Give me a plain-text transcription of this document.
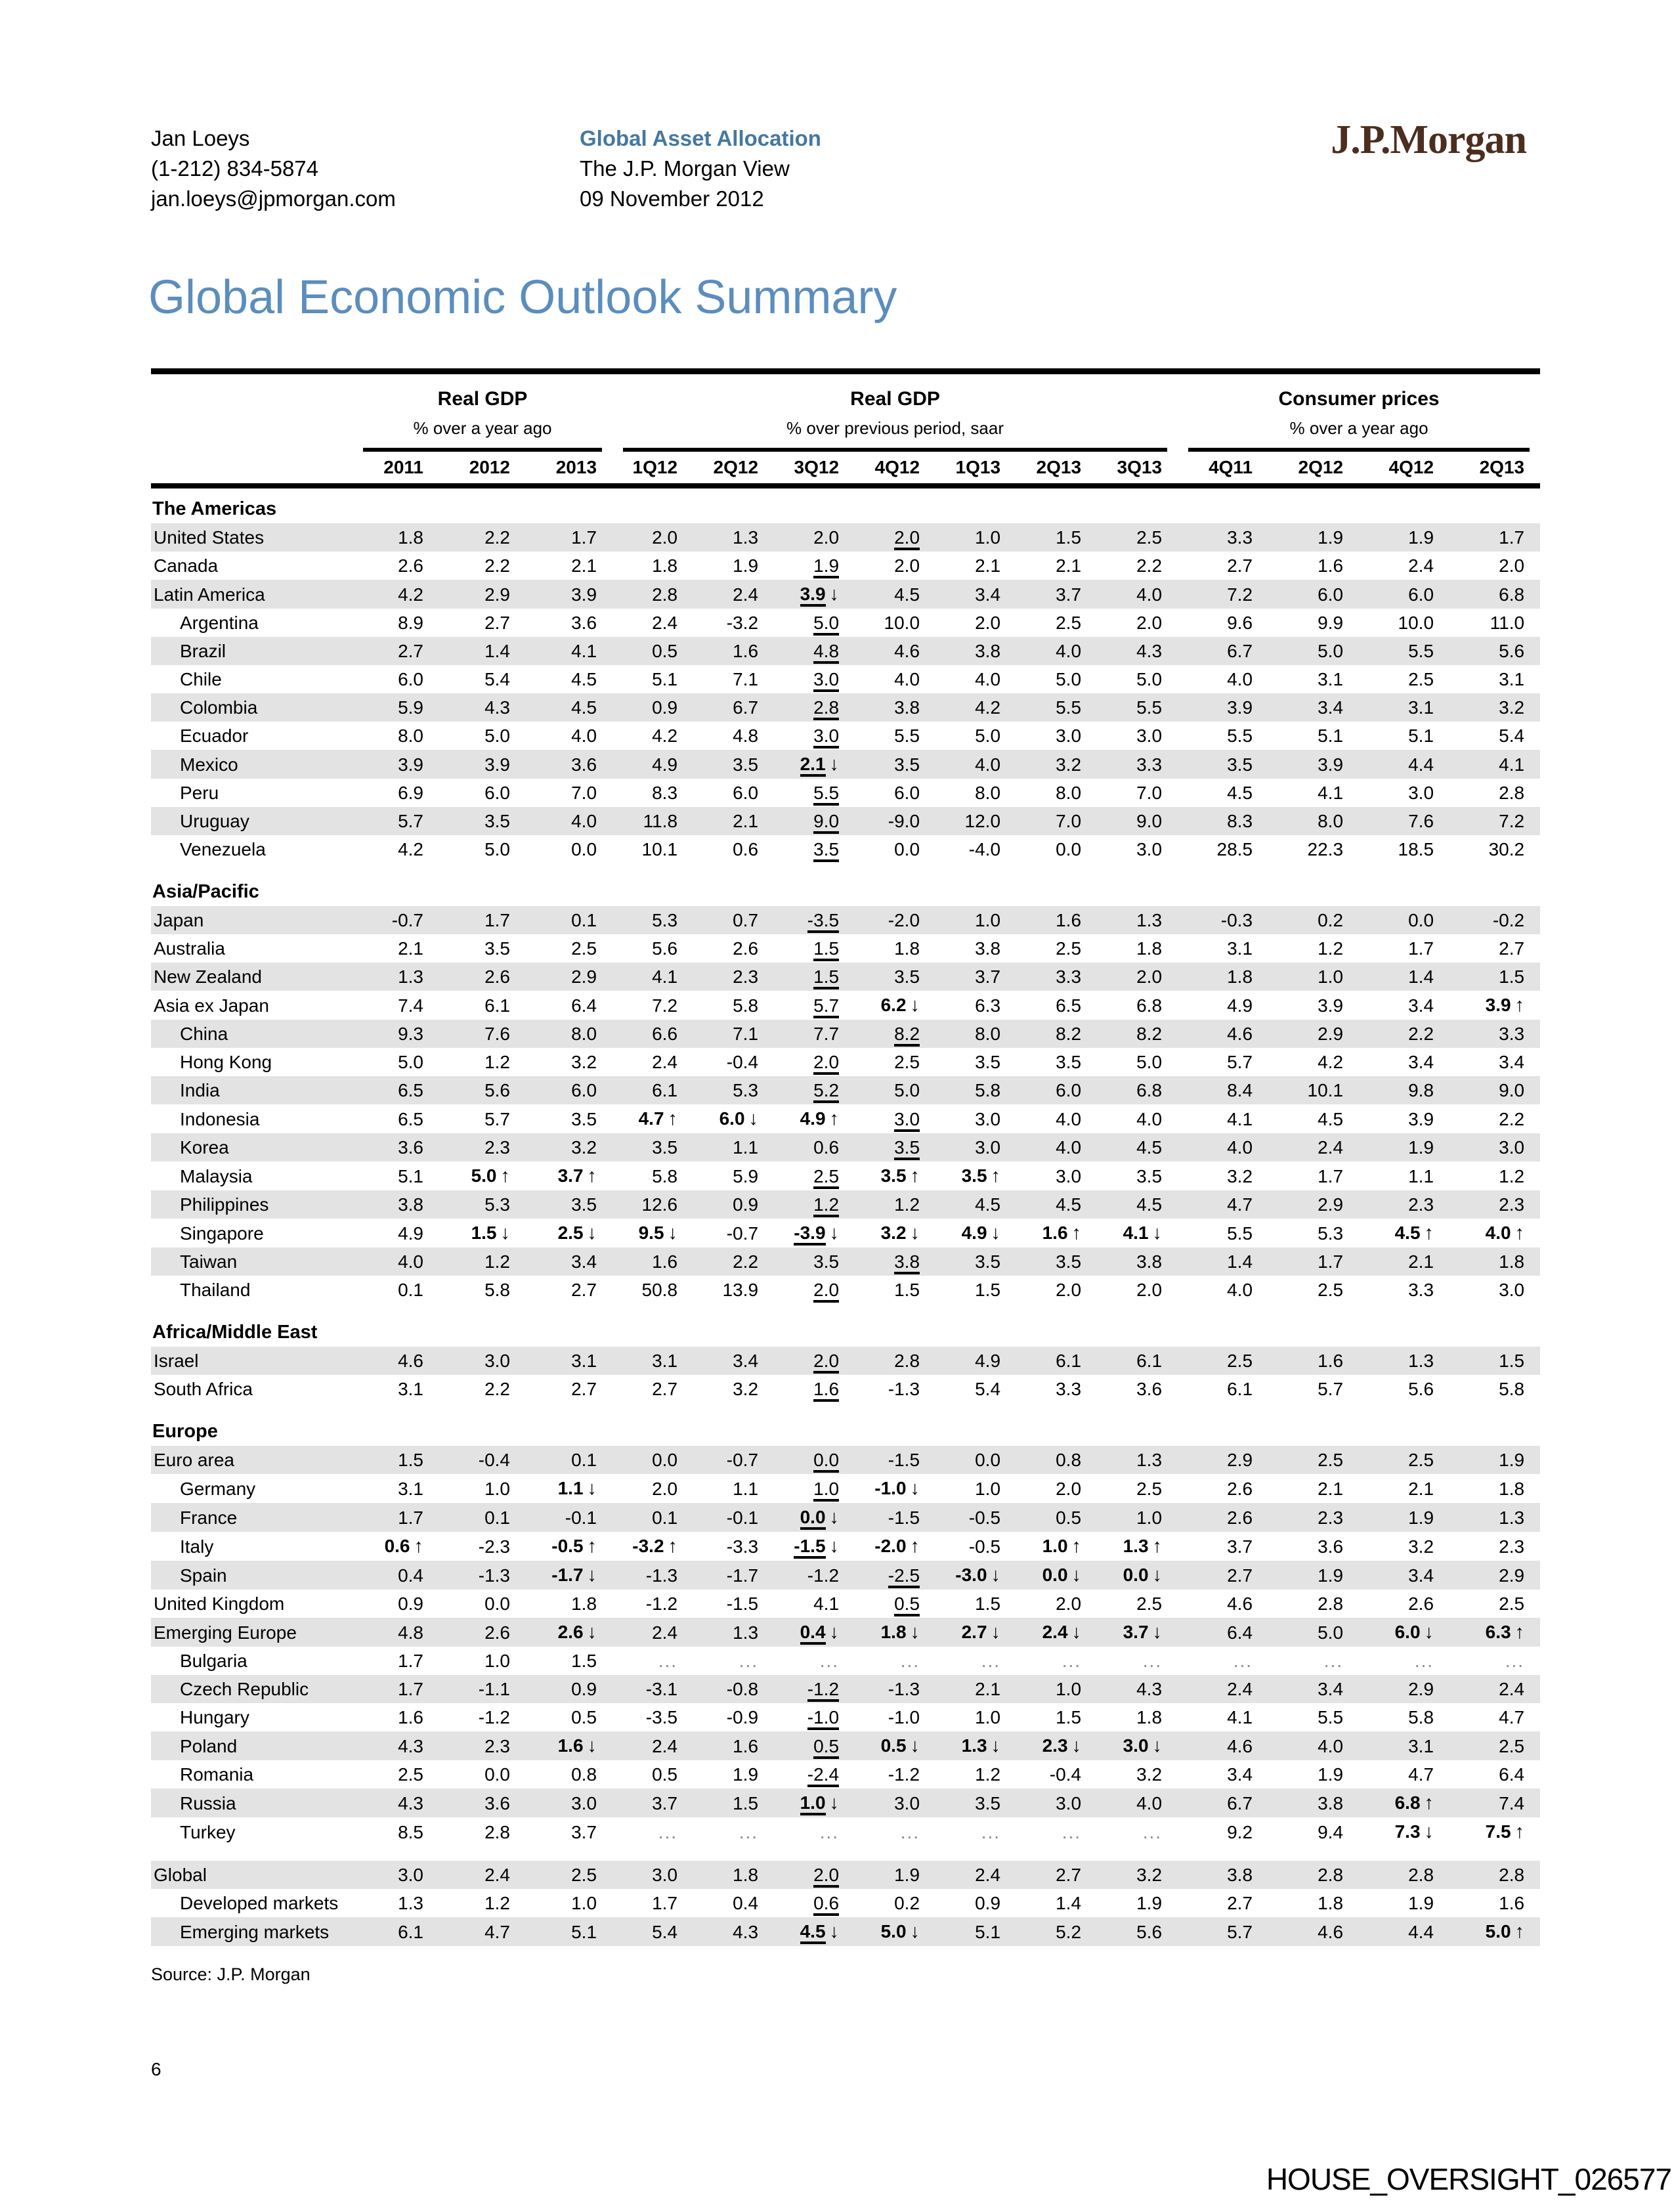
Jan Loeys
(1-212) 834-5874
jan.loeys@jpmorgan.com
Global Asset Allocation
The J.P. Morgan View
09 November 2012
J.P.Morgan
Global Economic Outlook Summary
	Real GDP			Real GDP							Consumer prices			

	% over a year ago			% over previous period, saar							% over a year ago			

	2011	2012	2013	1Q12	2Q12	3Q12	4Q12	1Q13	2Q13	3Q13	4Q11	2Q12	4Q12	2Q13
The Americas														
United States	1.8	2.2	1.7	2.0	1.3	2.0	2.0	1.0	1.5	2.5	3.3	1.9	1.9	1.7
Canada	2.6	2.2	2.1	1.8	1.9	1.9	2.0	2.1	2.1	2.2	2.7	1.6	2.4	2.0
Latin America	4.2	2.9	3.9	2.8	2.4	3.9 ↓	4.5	3.4	3.7	4.0	7.2	6.0	6.0	6.8
Argentina	8.9	2.7	3.6	2.4	-3.2	5.0	10.0	2.0	2.5	2.0	9.6	9.9	10.0	11.0
Brazil	2.7	1.4	4.1	0.5	1.6	4.8	4.6	3.8	4.0	4.3	6.7	5.0	5.5	5.6
Chile	6.0	5.4	4.5	5.1	7.1	3.0	4.0	4.0	5.0	5.0	4.0	3.1	2.5	3.1
Colombia	5.9	4.3	4.5	0.9	6.7	2.8	3.8	4.2	5.5	5.5	3.9	3.4	3.1	3.2
Ecuador	8.0	5.0	4.0	4.2	4.8	3.0	5.5	5.0	3.0	3.0	5.5	5.1	5.1	5.4
Mexico	3.9	3.9	3.6	4.9	3.5	2.1 ↓	3.5	4.0	3.2	3.3	3.5	3.9	4.4	4.1
Peru	6.9	6.0	7.0	8.3	6.0	5.5	6.0	8.0	8.0	7.0	4.5	4.1	3.0	2.8
Uruguay	5.7	3.5	4.0	11.8	2.1	9.0	-9.0	12.0	7.0	9.0	8.3	8.0	7.6	7.2
Venezuela	4.2	5.0	0.0	10.1	0.6	3.5	0.0	-4.0	0.0	3.0	28.5	22.3	18.5	30.2
Asia/Pacific														
Japan	-0.7	1.7	0.1	5.3	0.7	-3.5	-2.0	1.0	1.6	1.3	-0.3	0.2	0.0	-0.2
Australia	2.1	3.5	2.5	5.6	2.6	1.5	1.8	3.8	2.5	1.8	3.1	1.2	1.7	2.7
New Zealand	1.3	2.6	2.9	4.1	2.3	1.5	3.5	3.7	3.3	2.0	1.8	1.0	1.4	1.5
Asia ex Japan	7.4	6.1	6.4	7.2	5.8	5.7	6.2 ↓	6.3	6.5	6.8	4.9	3.9	3.4	3.9 ↑
China	9.3	7.6	8.0	6.6	7.1	7.7	8.2	8.0	8.2	8.2	4.6	2.9	2.2	3.3
Hong Kong	5.0	1.2	3.2	2.4	-0.4	2.0	2.5	3.5	3.5	5.0	5.7	4.2	3.4	3.4
India	6.5	5.6	6.0	6.1	5.3	5.2	5.0	5.8	6.0	6.8	8.4	10.1	9.8	9.0
Indonesia	6.5	5.7	3.5	4.7 ↑	6.0 ↓	4.9 ↑	3.0	3.0	4.0	4.0	4.1	4.5	3.9	2.2
Korea	3.6	2.3	3.2	3.5	1.1	0.6	3.5	3.0	4.0	4.5	4.0	2.4	1.9	3.0
Malaysia	5.1	5.0 ↑	3.7 ↑	5.8	5.9	2.5	3.5 ↑	3.5 ↑	3.0	3.5	3.2	1.7	1.1	1.2
Philippines	3.8	5.3	3.5	12.6	0.9	1.2	1.2	4.5	4.5	4.5	4.7	2.9	2.3	2.3
Singapore	4.9	1.5 ↓	2.5 ↓	9.5 ↓	-0.7	-3.9 ↓	3.2 ↓	4.9 ↓	1.6 ↑	4.1 ↓	5.5	5.3	4.5 ↑	4.0 ↑
Taiwan	4.0	1.2	3.4	1.6	2.2	3.5	3.8	3.5	3.5	3.8	1.4	1.7	2.1	1.8
Thailand	0.1	5.8	2.7	50.8	13.9	2.0	1.5	1.5	2.0	2.0	4.0	2.5	3.3	3.0
Africa/Middle East														
Israel	4.6	3.0	3.1	3.1	3.4	2.0	2.8	4.9	6.1	6.1	2.5	1.6	1.3	1.5
South Africa	3.1	2.2	2.7	2.7	3.2	1.6	-1.3	5.4	3.3	3.6	6.1	5.7	5.6	5.8
Europe														
Euro area	1.5	-0.4	0.1	0.0	-0.7	0.0	-1.5	0.0	0.8	1.3	2.9	2.5	2.5	1.9
Germany	3.1	1.0	1.1 ↓	2.0	1.1	1.0	-1.0 ↓	1.0	2.0	2.5	2.6	2.1	2.1	1.8
France	1.7	0.1	-0.1	0.1	-0.1	0.0 ↓	-1.5	-0.5	0.5	1.0	2.6	2.3	1.9	1.3
Italy	0.6 ↑	-2.3	-0.5 ↑	-3.2 ↑	-3.3	-1.5 ↓	-2.0 ↑	-0.5	1.0 ↑	1.3 ↑	3.7	3.6	3.2	2.3
Spain	0.4	-1.3	-1.7 ↓	-1.3	-1.7	-1.2	-2.5	-3.0 ↓	0.0 ↓	0.0 ↓	2.7	1.9	3.4	2.9
United Kingdom	0.9	0.0	1.8	-1.2	-1.5	4.1	0.5	1.5	2.0	2.5	4.6	2.8	2.6	2.5
Emerging Europe	4.8	2.6	2.6 ↓	2.4	1.3	0.4 ↓	1.8 ↓	2.7 ↓	2.4 ↓	3.7 ↓	6.4	5.0	6.0 ↓	6.3 ↑
Bulgaria	1.7	1.0	1.5	...	...	...	...	...	...	...	...	...	...	...
Czech Republic	1.7	-1.1	0.9	-3.1	-0.8	-1.2	-1.3	2.1	1.0	4.3	2.4	3.4	2.9	2.4
Hungary	1.6	-1.2	0.5	-3.5	-0.9	-1.0	-1.0	1.0	1.5	1.8	4.1	5.5	5.8	4.7
Poland	4.3	2.3	1.6 ↓	2.4	1.6	0.5	0.5 ↓	1.3 ↓	2.3 ↓	3.0 ↓	4.6	4.0	3.1	2.5
Romania	2.5	0.0	0.8	0.5	1.9	-2.4	-1.2	1.2	-0.4	3.2	3.4	1.9	4.7	6.4
Russia	4.3	3.6	3.0	3.7	1.5	1.0 ↓	3.0	3.5	3.0	4.0	6.7	3.8	6.8 ↑	7.4
Turkey	8.5	2.8	3.7	...	...	...	...	...	...	...	9.2	9.4	7.3 ↓	7.5 ↑

Global	3.0	2.4	2.5	3.0	1.8	2.0	1.9	2.4	2.7	3.2	3.8	2.8	2.8	2.8
Developed markets	1.3	1.2	1.0	1.7	0.4	0.6	0.2	0.9	1.4	1.9	2.7	1.8	1.9	1.6
Emerging markets	6.1	4.7	5.1	5.4	4.3	4.5 ↓	5.0 ↓	5.1	5.2	5.6	5.7	4.6	4.4	5.0 ↑
Source: J.P. Morgan
6
HOUSE_OVERSIGHT_026577
